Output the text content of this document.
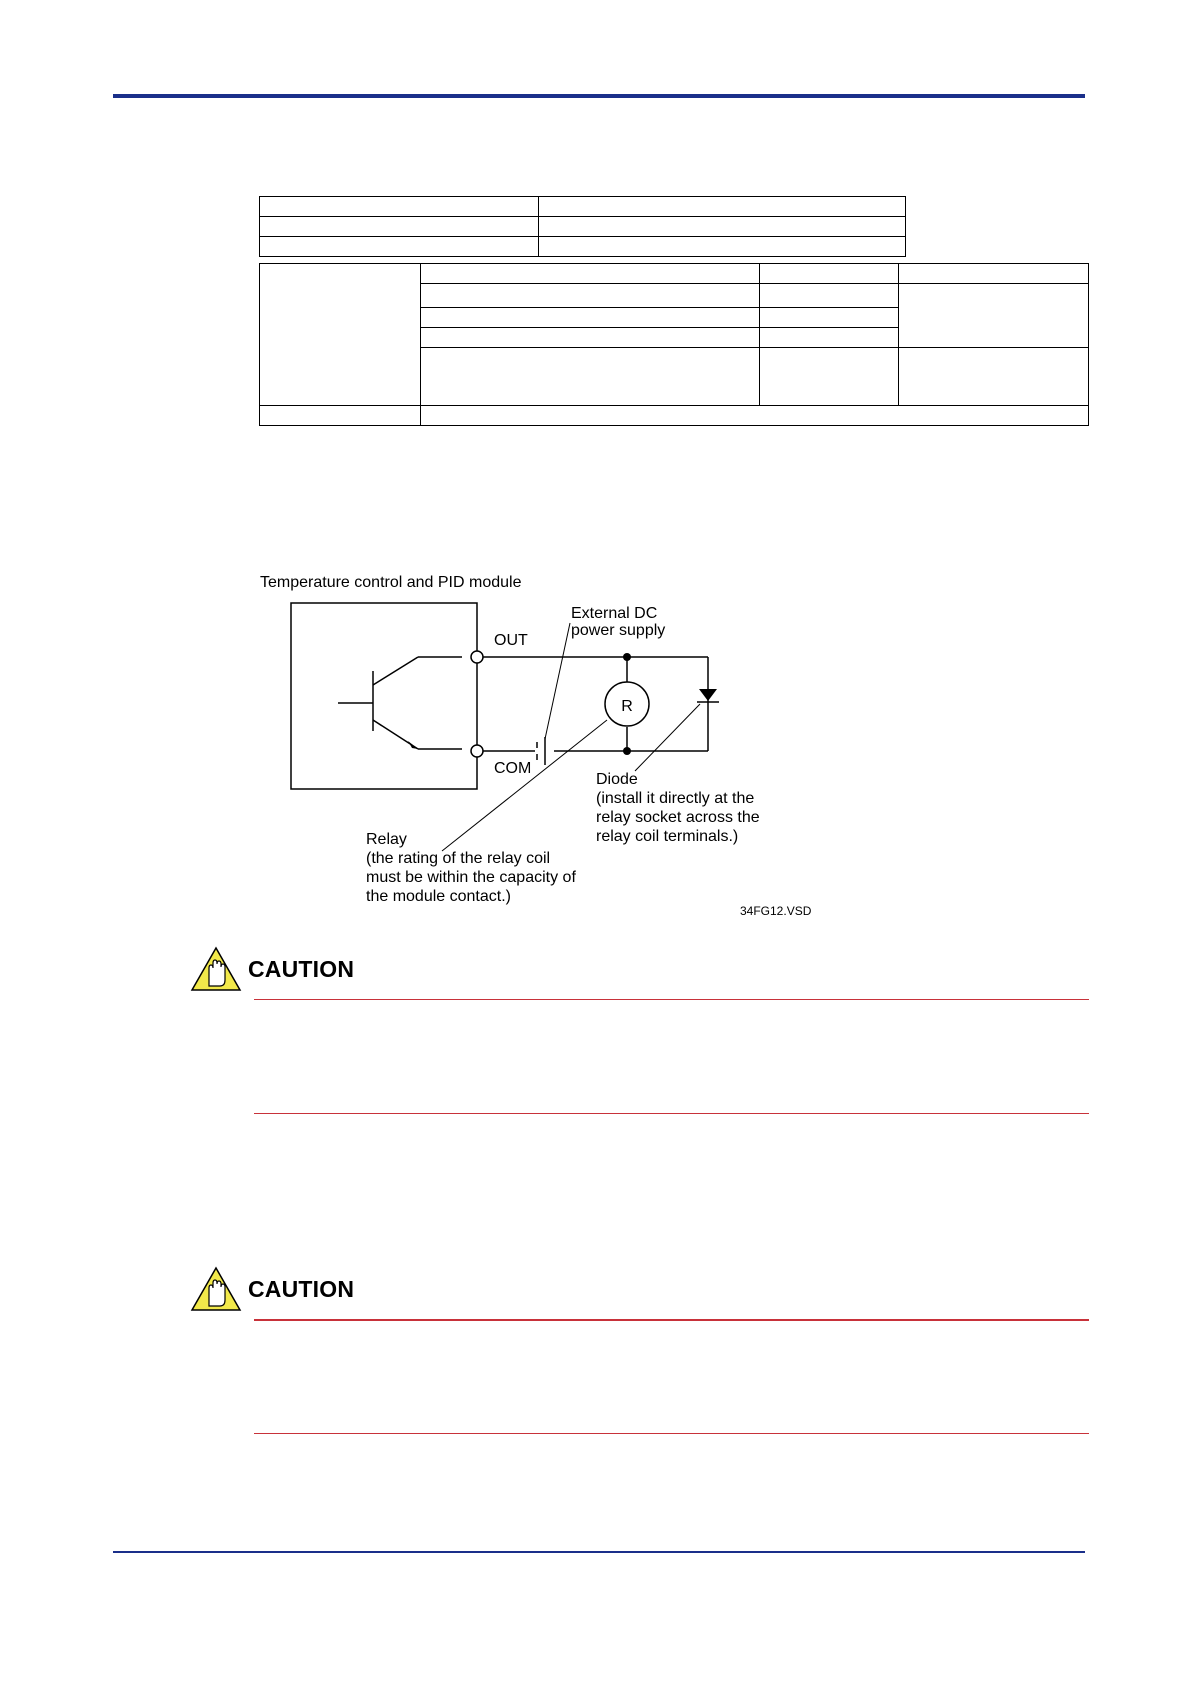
Temperature control and PID module
OUT
COM
R
External DC
power supply
Diode
(install it directly at the
relay socket across the
relay coil terminals.)
Relay
(the rating of the relay coil
must be within the capacity of
the module contact.)
34FG12.VSD
CAUTION
CAUTION
